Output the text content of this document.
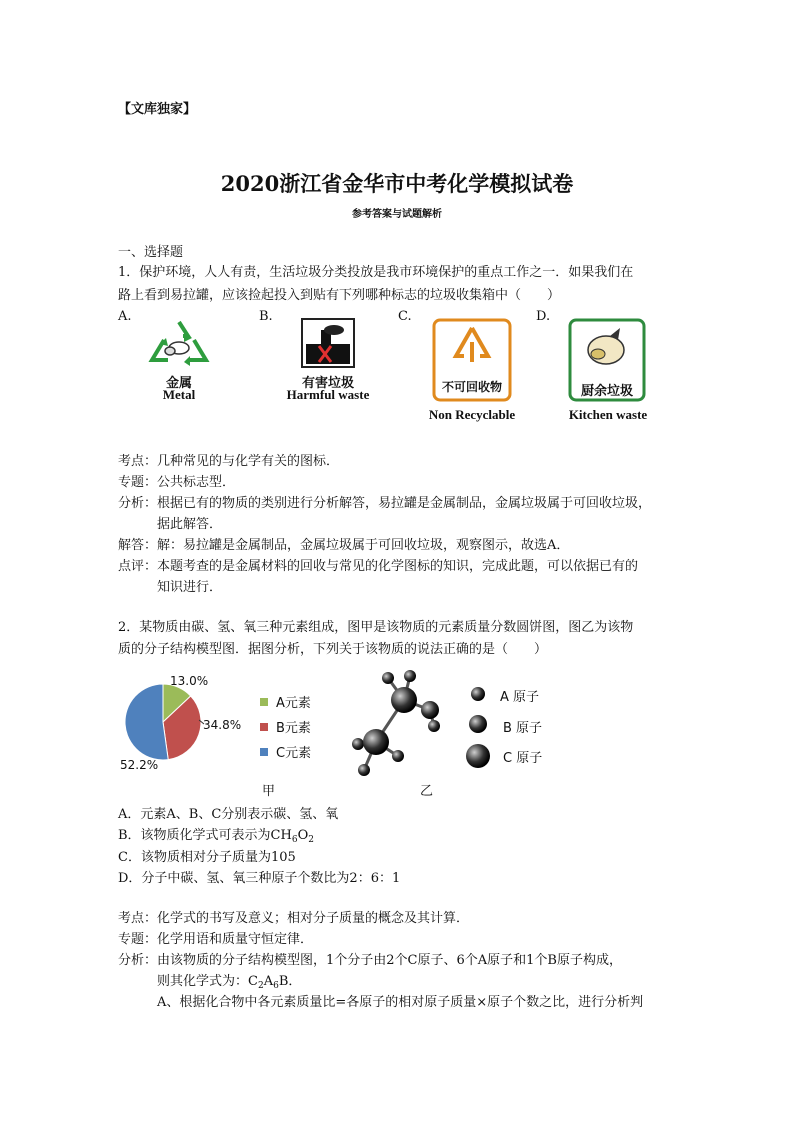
【文库独家】
2020浙江省金华市中考化学模拟试卷
参考答案与试题解析
一、选择题
1．保护环境，人人有责，生活垃圾分类投放是我市环境保护的重点工作之一．如果我们在
路上看到易拉罐，应该捡起投入到贴有下列哪种标志的垃圾收集箱中（　　）
A.	B.	C.	D.
金属
Metal
有害垃圾
Harmful waste	不可回收物
Non Recyclable
厨余垃圾
Kitchen waste
考点：几种常见的与化学有关的图标．
专题：公共标志型．
分析：根据已有的物质的类别进行分析解答，易拉罐是金属制品，金属垃圾属于可回收垃圾，
据此解答．
解答：解：易拉罐是金属制品，金属垃圾属于可回收垃圾，观察图示，故选A．
点评：本题考查的是金属材料的回收与常见的化学图标的知识，完成此题，可以依据已有的
知识进行．
2．某物质由碳、氢、氧三种元素组成，图甲是该物质的元素质量分数圆饼图，图乙为该物
质的分子结构模型图．据图分析，下列关于该物质的说法正确的是（　　）
13.0%
34.8%
52.2%
A元素
B元素
C元素
甲	乙
A 原子
B 原子
C 原子
A．元素A、B、C分别表示碳、氢、氧
B．该物质化学式可表示为$CH_6O_2$
C．该物质相对分子质量为105
D．分子中碳、氢、氧三种原子个数比为2：6：1
考点：化学式的书写及意义；相对分子质量的概念及其计算．
专题：化学用语和质量守恒定律．
分析：由该物质的分子结构模型图，1个分子由2个C原子、6个A原子和1个B原子构成，
则其化学式为：$C_2A_6B$．
A、根据化合物中各元素质量比=各原子的相对原子质量×原子个数之比，进行分析判
